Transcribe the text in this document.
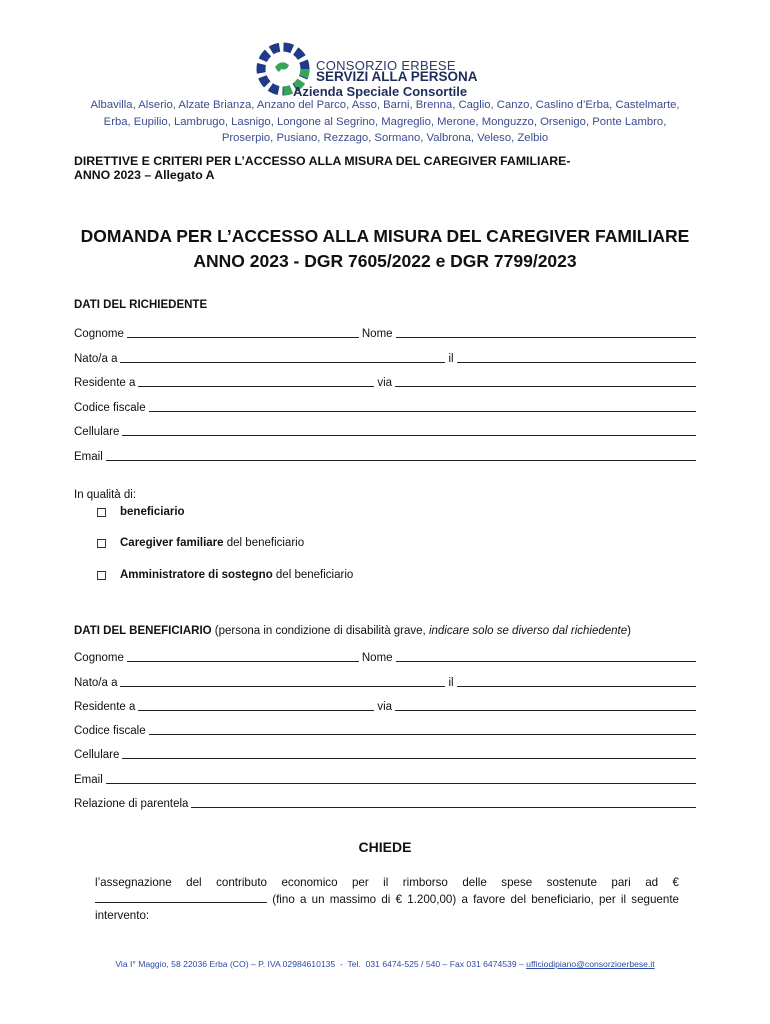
CONSORZIO ERBESE
SERVIZI ALLA PERSONA
Azienda Speciale Consortile
Albavilla, Alserio, Alzate Brianza, Anzano del Parco, Asso, Barni, Brenna, Caglio, Canzo, Caslino d’Erba, Castelmarte,
Erba, Eupilio, Lambrugo, Lasnigo, Longone al Segrino, Magreglio, Merone, Monguzzo, Orsenigo, Ponte Lambro,
Proserpio, Pusiano, Rezzago, Sormano, Valbrona, Veleso, Zelbio
DIRETTIVE E CRITERI PER L’ACCESSO ALLA MISURA DEL CAREGIVER FAMILIARE-
ANNO 2023 – Allegato A
DOMANDA PER L’ACCESSO ALLA MISURA DEL CAREGIVER FAMILIARE
ANNO 2023 - DGR 7605/2022 e DGR 7799/2023
DATI DEL RICHIEDENTE
Cognome	Nome
Nato/a a	il
Residente a	via
Codice fiscale
Cellulare
Email
In qualità di:
beneficiario
Caregiver familiare del beneficiario
Amministratore di sostegno del beneficiario
DATI DEL BENEFICIARIO (persona in condizione di disabilità grave, indicare solo se diverso dal richiedente)
Cognome	Nome
Nato/a a	il
Residente a	via
Codice fiscale
Cellulare
Email
Relazione di parentela
CHIEDE
l’assegnazione del contributo economico per il rimborso delle spese sostenute pari ad €  (fino a un massimo di € 1.200,00) a favore del beneficiario, per il seguente intervento:
Via I° Maggio, 58 22036 Erba (CO) – P. IVA 02984610135  -  Tel.  031 6474-525 / 540 – Fax 031 6474539 – ufficiodipiano@consorzioerbese.it
